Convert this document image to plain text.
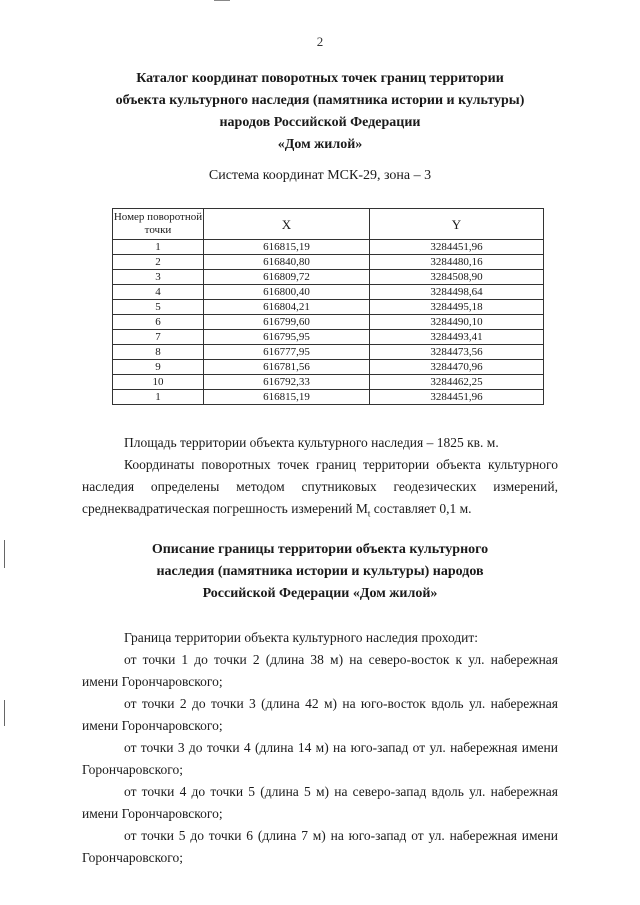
2
Каталог координат поворотных точек границ территории
объекта культурного наследия (памятника истории и культуры)
народов Российской Федерации
«Дом жилой»
Система координат МСК-29, зона – 3
Номер поворотной точки	X	Y
1	616815,19	3284451,96
2	616840,80	3284480,16
3	616809,72	3284508,90
4	616800,40	3284498,64
5	616804,21	3284495,18
6	616799,60	3284490,10
7	616795,95	3284493,41
8	616777,95	3284473,56
9	616781,56	3284470,96
10	616792,33	3284462,25
1	616815,19	3284451,96
Площадь территории объекта культурного наследия – 1825 кв. м.
Координаты поворотных точек границ территории объекта культурного наследия определены методом спутниковых геодезических измерений, среднеквадратическая погрешность измерений $M_t$ составляет 0,1 м.
Описание границы территории объекта культурного
наследия (памятника истории и культуры) народов
Российской Федерации «Дом жилой»
Граница территории объекта культурного наследия проходит:
от точки 1 до точки 2 (длина 38 м) на северо-восток к ул. набережная имени Горончаровского;
от точки 2 до точки 3 (длина 42 м) на юго-восток вдоль ул. набережная имени Горончаровского;
от точки 3 до точки 4 (длина 14 м) на юго-запад от ул. набережная имени Горончаровского;
от точки 4 до точки 5 (длина 5 м) на северо-запад вдоль ул. набережная имени Горончаровского;
от точки 5 до точки 6 (длина 7 м) на юго-запад от ул. набережная имени Горончаровского;
